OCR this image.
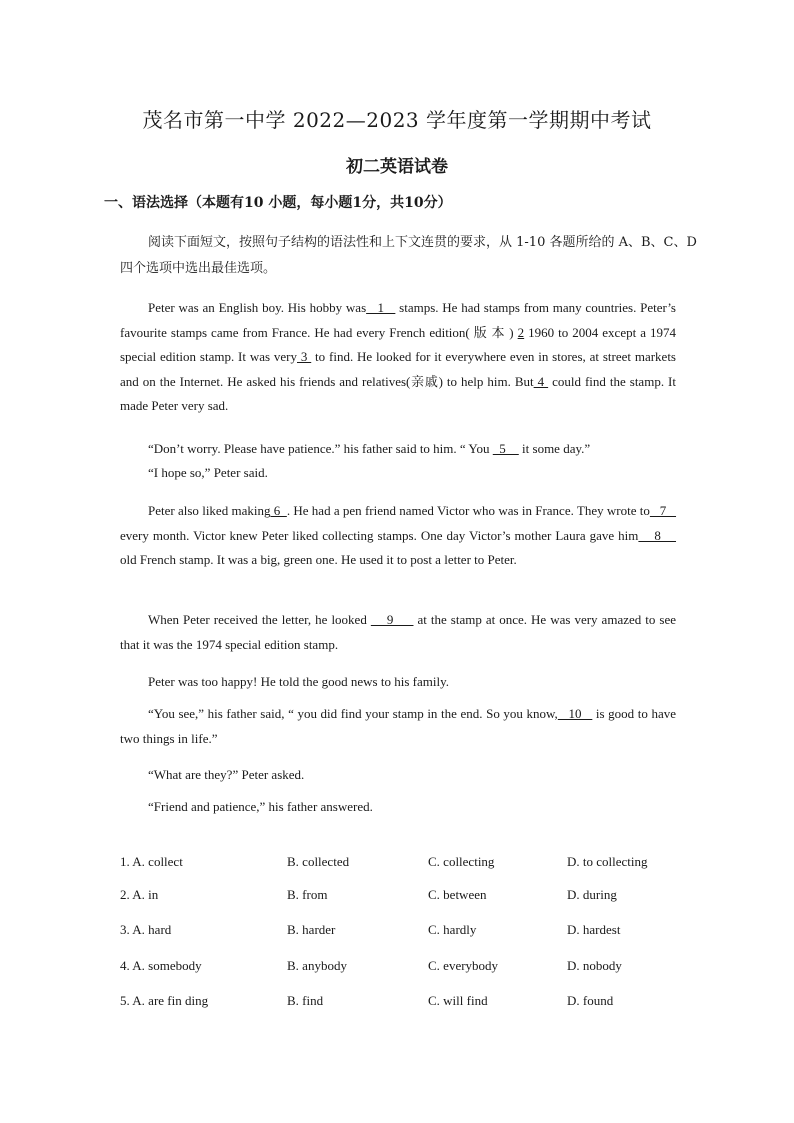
茂名市第一中学 2022—2023 学年度第一学期期中考试
初二英语试卷
一、语法选择（本题有10 小题，每小题1分，共10分）
阅读下面短文，按照句子结构的语法性和上下文连贯的要求，从 1-10 各题所给的 A、B、C、D
四个选项中选出最佳选项。
Peter was an English boy. His hobby was   1    stamps. He had stamps from many countries. Peter’s favourite stamps came from France. He had every French edition( 版 本 ) 2 1960 to 2004 except a 1974 special edition stamp. It was very 3  to find. He looked for it everywhere even in stores, at street markets and on the Internet. He asked his friends and relatives(亲戚) to help him. But 4  could find the stamp. It made Peter very sad.
“Don’t worry. Please have patience.” his father said to him. “ You   5     it some day.”
“I hope so,” Peter said.
Peter also liked making 6  . He had a pen friend named Victor who was in France. They wrote to   7    every month. Victor knew Peter liked collecting stamps. One day Victor’s mother Laura gave him    8     old French stamp. It was a big, green one. He used it to post a letter to Peter.
When Peter received the letter, he looked     9      at the stamp at once. He was very amazed to see that it was the 1974 special edition stamp.
Peter was too happy! He told the good news to his family.
“You see,” his father said, “ you did find your stamp in the end. So you know,   10    is good to have two things in life.”
“What are they?” Peter asked.
“Friend and patience,” his father answered.
1. A. collect	B. collected	C. collecting	D. to collecting
2. A. in	B. from	C. between	D. during
3. A. hard	B. harder	C. hardly	D. hardest
4. A. somebody	B. anybody	C. everybody	D. nobody
5. A. are fin ding	B. find	C. will find	D. found
